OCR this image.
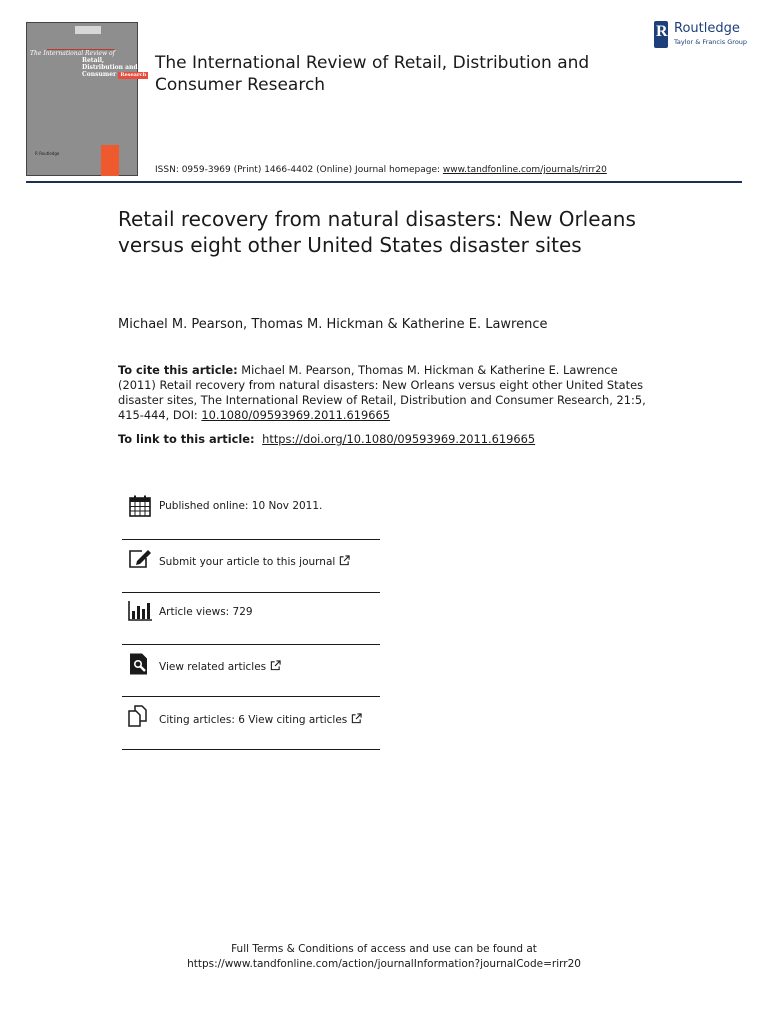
The International Review of
Retail,
Distribution and
Consumer Research
R Routledge
The International Review of Retail, Distribution and Consumer Research
R Routledge
Taylor & Francis Group
ISSN: 0959-3969 (Print) 1466-4402 (Online) Journal homepage: www.tandfonline.com/journals/rirr20
Retail recovery from natural disasters: New Orleans versus eight other United States disaster sites
Michael M. Pearson, Thomas M. Hickman & Katherine E. Lawrence
To cite this article: Michael M. Pearson, Thomas M. Hickman & Katherine E. Lawrence (2011) Retail recovery from natural disasters: New Orleans versus eight other United States disaster sites, The International Review of Retail, Distribution and Consumer Research, 21:5, 415-444, DOI: 10.1080/09593969.2011.619665
To link to this article:  https://doi.org/10.1080/09593969.2011.619665
Published online: 10 Nov 2011.
Submit your article to this journal
Article views: 729
View related articles
Citing articles: 6 View citing articles
Full Terms & Conditions of access and use can be found at
https://www.tandfonline.com/action/journalInformation?journalCode=rirr20
